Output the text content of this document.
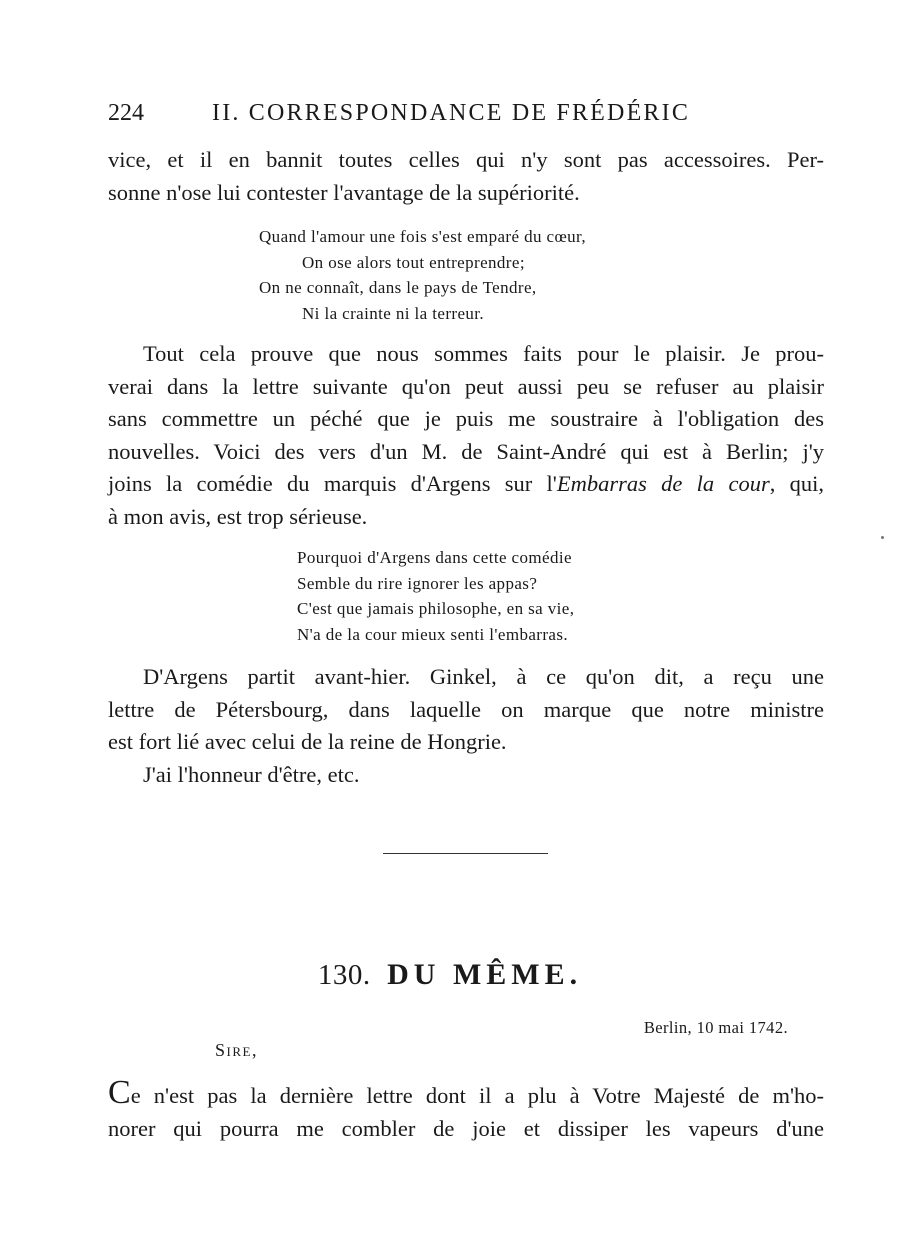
224	II. CORRESPONDANCE DE FRÉDÉRIC
vice, et il en bannit toutes celles qui n'y sont pas accessoires. Per-
sonne n'ose lui contester l'avantage de la supériorité.
Quand l'amour une fois s'est emparé du cœur,
On ose alors tout entreprendre;
On ne connaît, dans le pays de Tendre,
Ni la crainte ni la terreur.
Tout cela prouve que nous sommes faits pour le plaisir. Je prou-
verai dans la lettre suivante qu'on peut aussi peu se refuser au plaisir
sans commettre un péché que je puis me soustraire à l'obligation des
nouvelles. Voici des vers d'un M. de Saint-André qui est à Berlin; j'y
joins la comédie du marquis d'Argens sur l'Embarras de la cour, qui,
à mon avis, est trop sérieuse.
Pourquoi d'Argens dans cette comédie
Semble du rire ignorer les appas?
C'est que jamais philosophe, en sa vie,
N'a de la cour mieux senti l'embarras.
D'Argens partit avant-hier. Ginkel, à ce qu'on dit, a reçu une
lettre de Pétersbourg, dans laquelle on marque que notre ministre
est fort lié avec celui de la reine de Hongrie.
J'ai l'honneur d'être, etc.
130. DU MÊME.
Berlin, 10 mai 1742.
Sire,
Ce n'est pas la dernière lettre dont il a plu à Votre Majesté de m'ho-
norer qui pourra me combler de joie et dissiper les vapeurs d'une
